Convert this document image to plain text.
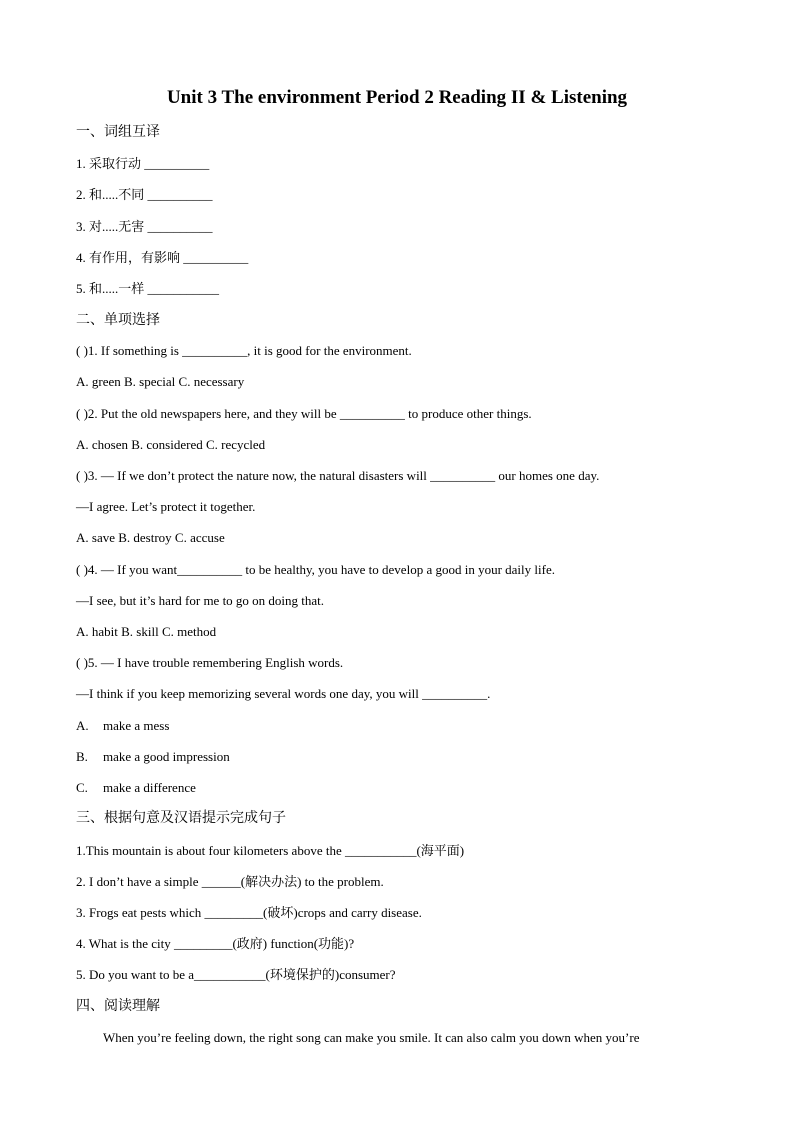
Unit 3 The environment Period 2 Reading II & Listening
一、词组互译
1. 采取行动 __________
2. 和.....不同 __________
3. 对.....无害 __________
4. 有作用，有影响 __________
5. 和.....一样 ___________
二、单项选择
( )1. If something is __________, it is good for the environment.
A. green B. special C. necessary
( )2. Put the old newspapers here, and they will be __________ to produce other things.
A. chosen B. considered C. recycled
( )3. — If we don’t protect the nature now, the natural disasters will __________ our homes one day.
—I agree. Let’s protect it together.
A. save B. destroy C. accuse
( )4. — If you want__________ to be healthy, you have to develop a good in your daily life.
—I see, but it’s hard for me to go on doing that.
A. habit B. skill C. method
( )5. — I have trouble remembering English words.
—I think if you keep memorizing several words one day, you will __________.
A. make a mess
B. make a good impression
C. make a difference
三、根据句意及汉语提示完成句子
1.This mountain is about four kilometers above the ___________(海平面)
2. I don’t have a simple ______(解决办法) to the problem.
3. Frogs eat pests which _________(破坏)crops and carry disease.
4. What is the city _________(政府) function(功能)?
5. Do you want to be a___________(环境保护的)consumer?
四、阅读理解
When you’re feeling down, the right song can make you smile. It can also calm you down when you’re
